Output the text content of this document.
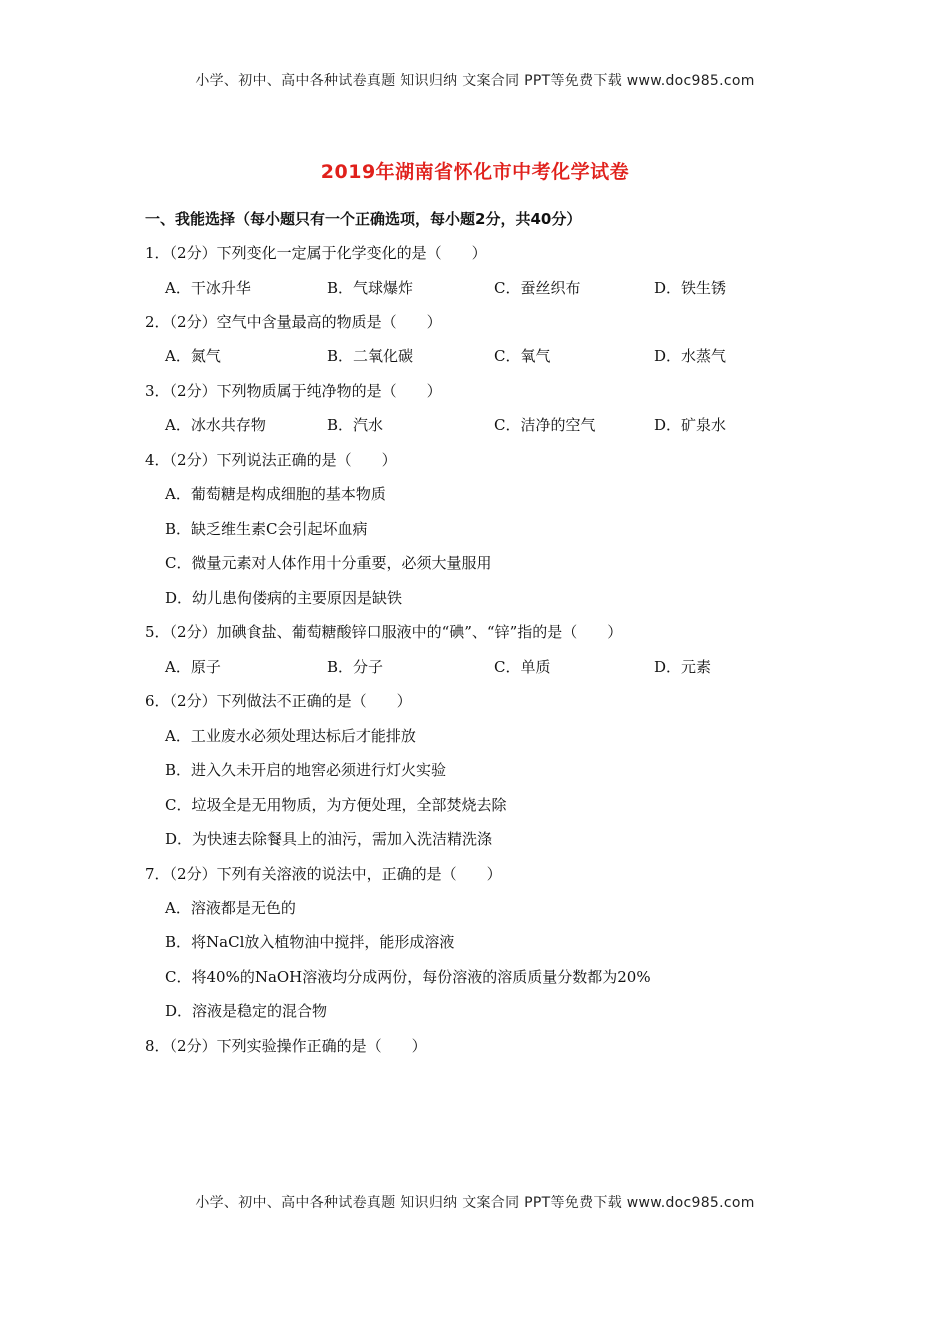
小学、初中、高中各种试卷真题 知识归纳 文案合同 PPT等免费下载 www.doc985.com
2019年湖南省怀化市中考化学试卷
一、我能选择（每小题只有一个正确选项，每小题2分，共40分）
1．（2分）下列变化一定属于化学变化的是（　　）
A．干冰升华	B．气球爆炸	C．蚕丝织布	D．铁生锈
2．（2分）空气中含量最高的物质是（　　）
A．氮气	B．二氧化碳	C．氧气	D．水蒸气
3．（2分）下列物质属于纯净物的是（　　）
A．冰水共存物	B．汽水	C．洁净的空气	D．矿泉水
4．（2分）下列说法正确的是（　　）
A．葡萄糖是构成细胞的基本物质
B．缺乏维生素C会引起坏血病
C．微量元素对人体作用十分重要，必须大量服用
D．幼儿患佝偻病的主要原因是缺铁
5．（2分）加碘食盐、葡萄糖酸锌口服液中的“碘”、“锌”指的是（　　）
A．原子	B．分子	C．单质	D．元素
6．（2分）下列做法不正确的是（　　）
A．工业废水必须处理达标后才能排放
B．进入久未开启的地窖必须进行灯火实验
C．垃圾全是无用物质，为方便处理，全部焚烧去除
D．为快速去除餐具上的油污，需加入洗洁精洗涤
7．（2分）下列有关溶液的说法中，正确的是（　　）
A．溶液都是无色的
B．将NaCl放入植物油中搅拌，能形成溶液
C．将40%的NaOH溶液均分成两份，每份溶液的溶质质量分数都为20%
D．溶液是稳定的混合物
8．（2分）下列实验操作正确的是（　　）
小学、初中、高中各种试卷真题 知识归纳 文案合同 PPT等免费下载 www.doc985.com
